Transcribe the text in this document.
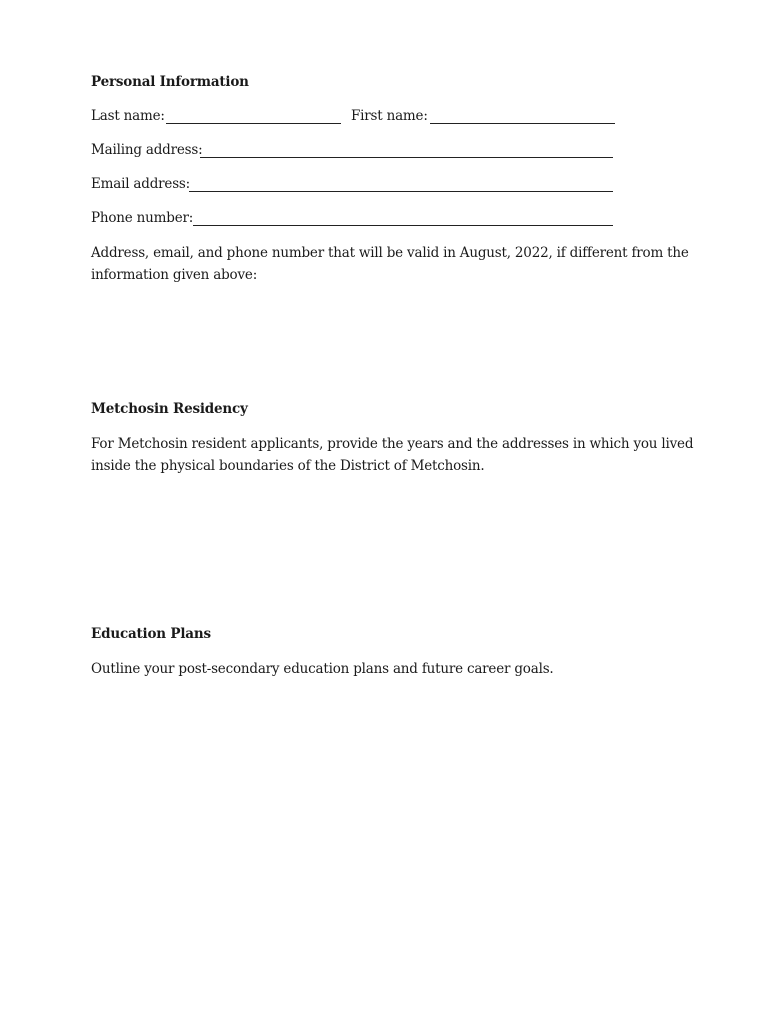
Personal Information
Last name:	First name:
Mailing address:
Email address:
Phone number:
Address, email, and phone number that will be valid in August, 2022, if different from the
information given above:
Metchosin Residency
For Metchosin resident applicants, provide the years and the addresses in which you lived
inside the physical boundaries of the District of Metchosin.
Education Plans
Outline your post-secondary education plans and future career goals.
